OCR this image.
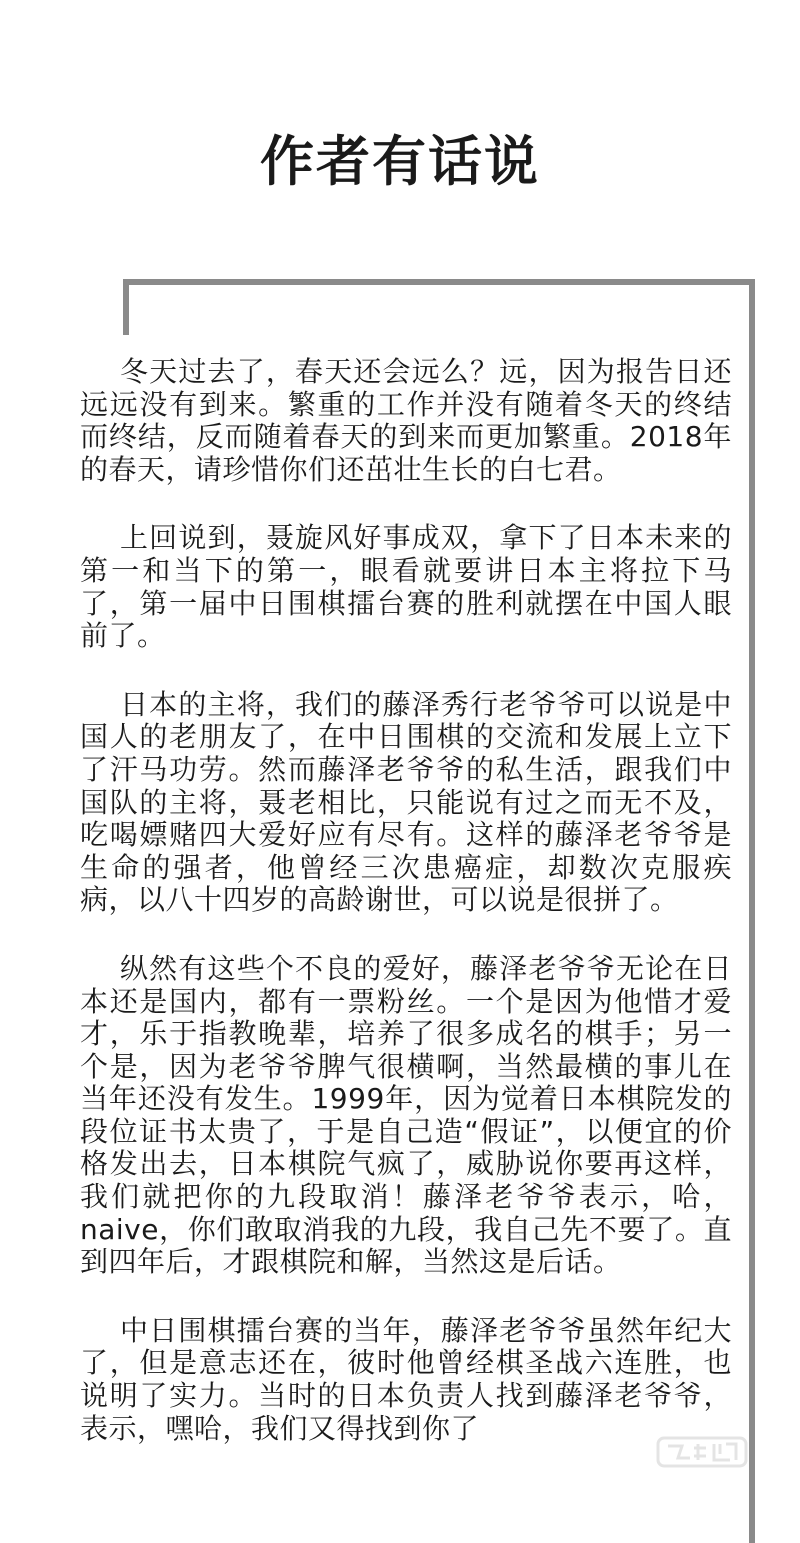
作者有话说

冬天过去了，春天还会远么？远，因为报告日还远远没有到来。繁重的工作并没有随着冬天的终结而终结，反而随着春天的到来而更加繁重。2018年的春天，请珍惜你们还茁壮生长的白七君。

上回说到，聂旋风好事成双，拿下了日本未来的第一和当下的第一，眼看就要讲日本主将拉下马了，第一届中日围棋擂台赛的胜利就摆在中国人眼前了。

日本的主将，我们的藤泽秀行老爷爷可以说是中国人的老朋友了，在中日围棋的交流和发展上立下了汗马功劳。然而藤泽老爷爷的私生活，跟我们中国队的主将，聂老相比，只能说有过之而无不及，吃喝嫖赌四大爱好应有尽有。这样的藤泽老爷爷是生命的强者，他曾经三次患癌症，却数次克服疾病，以八十四岁的高龄谢世，可以说是很拼了。

纵然有这些个不良的爱好，藤泽老爷爷无论在日本还是国内，都有一票粉丝。一个是因为他惜才爱才，乐于指教晚辈，培养了很多成名的棋手；另一个是，因为老爷爷脾气很横啊，当然最横的事儿在当年还没有发生。1999年，因为觉着日本棋院发的段位证书太贵了，于是自己造“假证”，以便宜的价格发出去，日本棋院气疯了，威胁说你要再这样，我们就把你的九段取消！藤泽老爷爷表示，哈，naive，你们敢取消我的九段，我自己先不要了。直到四年后，才跟棋院和解，当然这是后话。

中日围棋擂台赛的当年，藤泽老爷爷虽然年纪大了，但是意志还在，彼时他曾经棋圣战六连胜，也说明了实力。当时的日本负责人找到藤泽老爷爷，表示，嘿哈，我们又得找到你了
